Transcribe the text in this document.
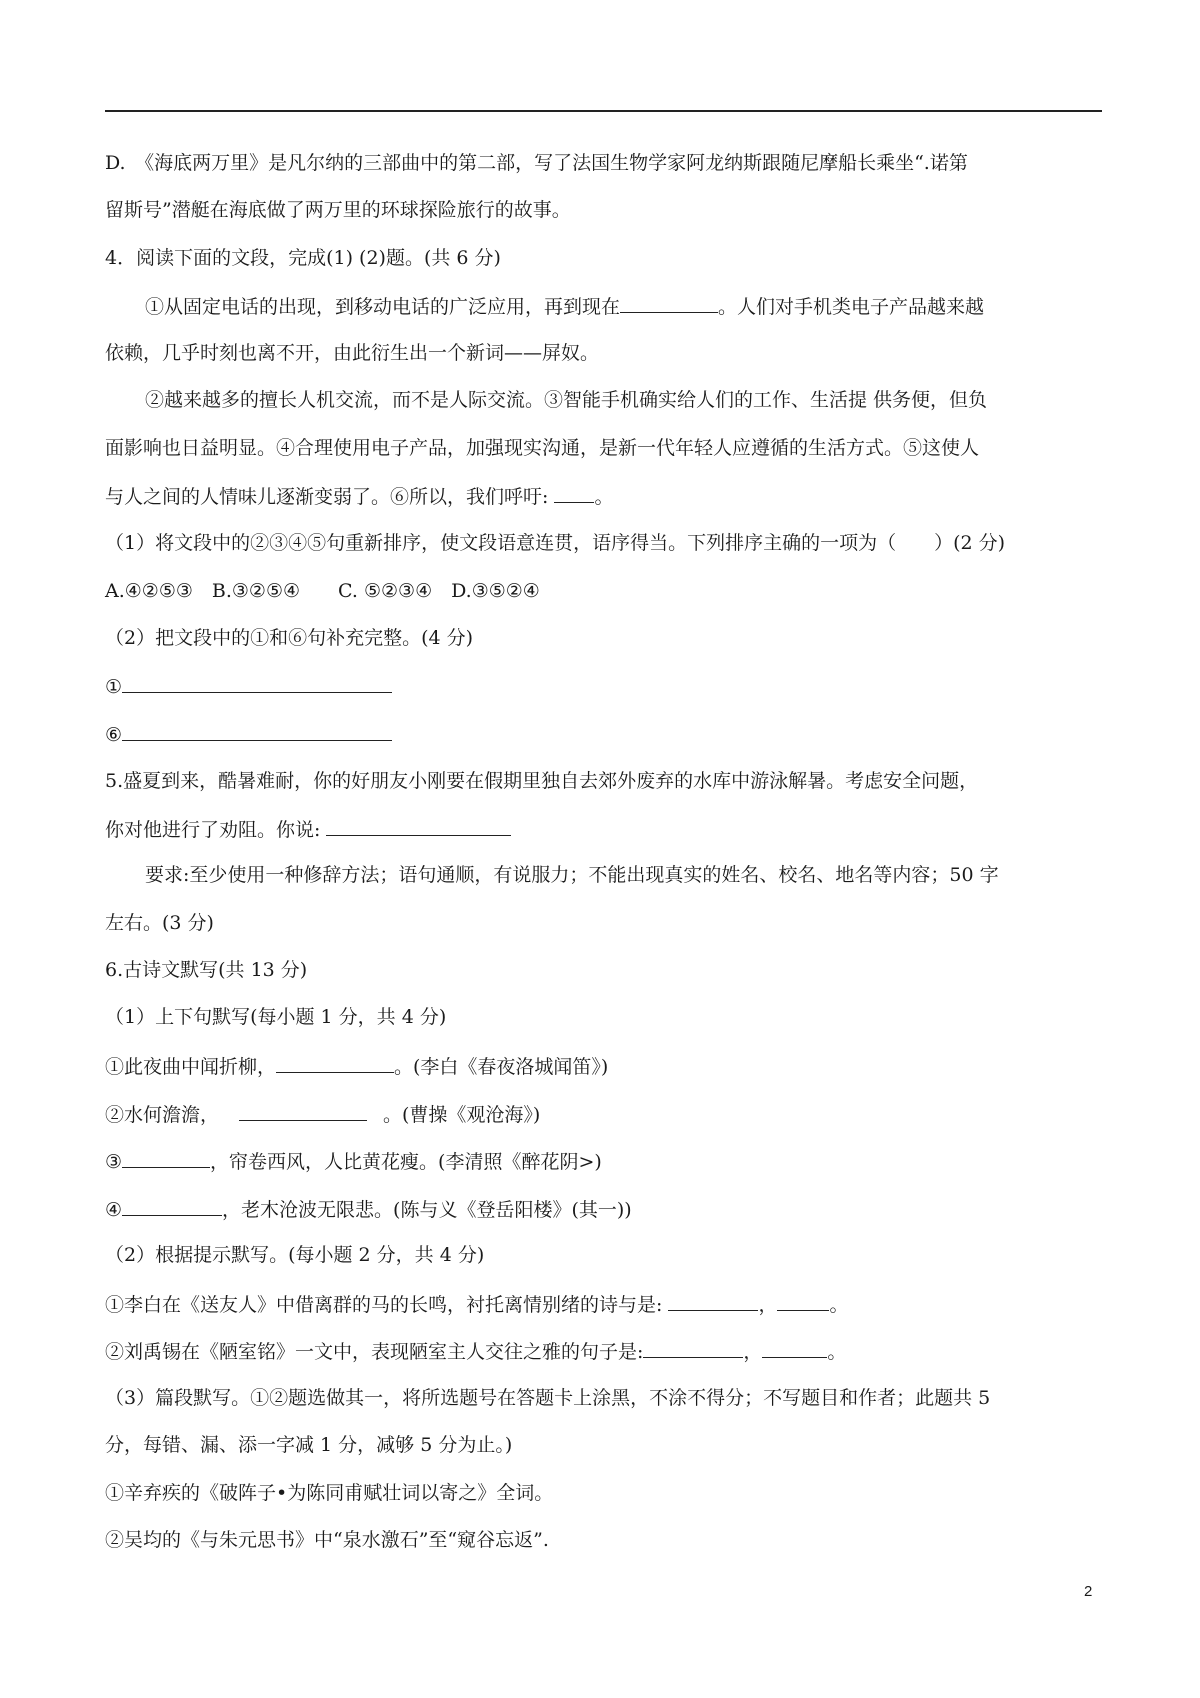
D.　《海底两万里》是凡尔纳的三部曲中的第二部，写了法国生物学家阿龙纳斯跟随尼摩船长乘坐“.诺第
留斯号”潜艇在海底做了两万里的环球探险旅行的故事。
4．阅读下面的文段，完成(1) (2)题。(共 6 分)
①从固定电话的出现，到移动电话的广泛应用，再到现在	。人们对手机类电子产品越来越
依赖，几乎时刻也离不开，由此衍生出一个新词——屏奴。
②越来越多的擅长人机交流，而不是人际交流。③智能手机确实给人们的工作、生活提 供务便，但负
面影响也日益明显。④合理使用电子产品，加强现实沟通，是新一代年轻人应遵循的生活方式。⑤这使人
与人之间的人情味儿逐渐变弱了。⑥所以，我们呼吁: 。
（1）将文段中的②③④⑤句重新排序，使文段语意连贯，语序得当。下列排序主确的一项为（　　）(2 分)
A.④②⑤③　B.③②⑤④　　C. ⑤②③④　D.③⑤②④
（2）把文段中的①和⑥句补充完整。(4 分)
①
⑥
5.盛夏到来，酷暑难耐，你的好朋友小刚要在假期里独自去郊外废弃的水库中游泳解暑。考虑安全问题，
你对他进行了劝阻。你说:
要求:至少使用一种修辞方法；语句通顺，有说服力；不能出现真实的姓名、校名、地名等内容；50 字
左右。(3 分)
6.古诗文默写(共 13 分)
（1）上下句默写(每小题 1 分，共 4 分)
①此夜曲中闻折柳，	。(李白《春夜洛城闻笛》)
②水何澹澹，	。(曹操《观沧海》)
③	，帘卷西风，人比黄花瘦。(李清照《醉花阴>)
④	，老木沧波无限悲。(陈与义《登岳阳楼》(其一))
（2）根据提示默写。(每小题 2 分，共 4 分)
①李白在《送友人》中借离群的马的长鸣，衬托离情别绪的诗与是:	，	。
②刘禹锡在《陋室铭》一文中，表现陋室主人交往之雅的句子是:	，	。
（3）篇段默写。①②题选做其一，将所选题号在答题卡上涂黑，不涂不得分；不写题目和作者；此题共 5
分，每错、漏、添一字减 1 分，减够 5 分为止。)
①辛弃疾的《破阵子•为陈同甫赋壮词以寄之》全词。
②吴均的《与朱元思书》中“泉水激石”至“窥谷忘返”.
2
